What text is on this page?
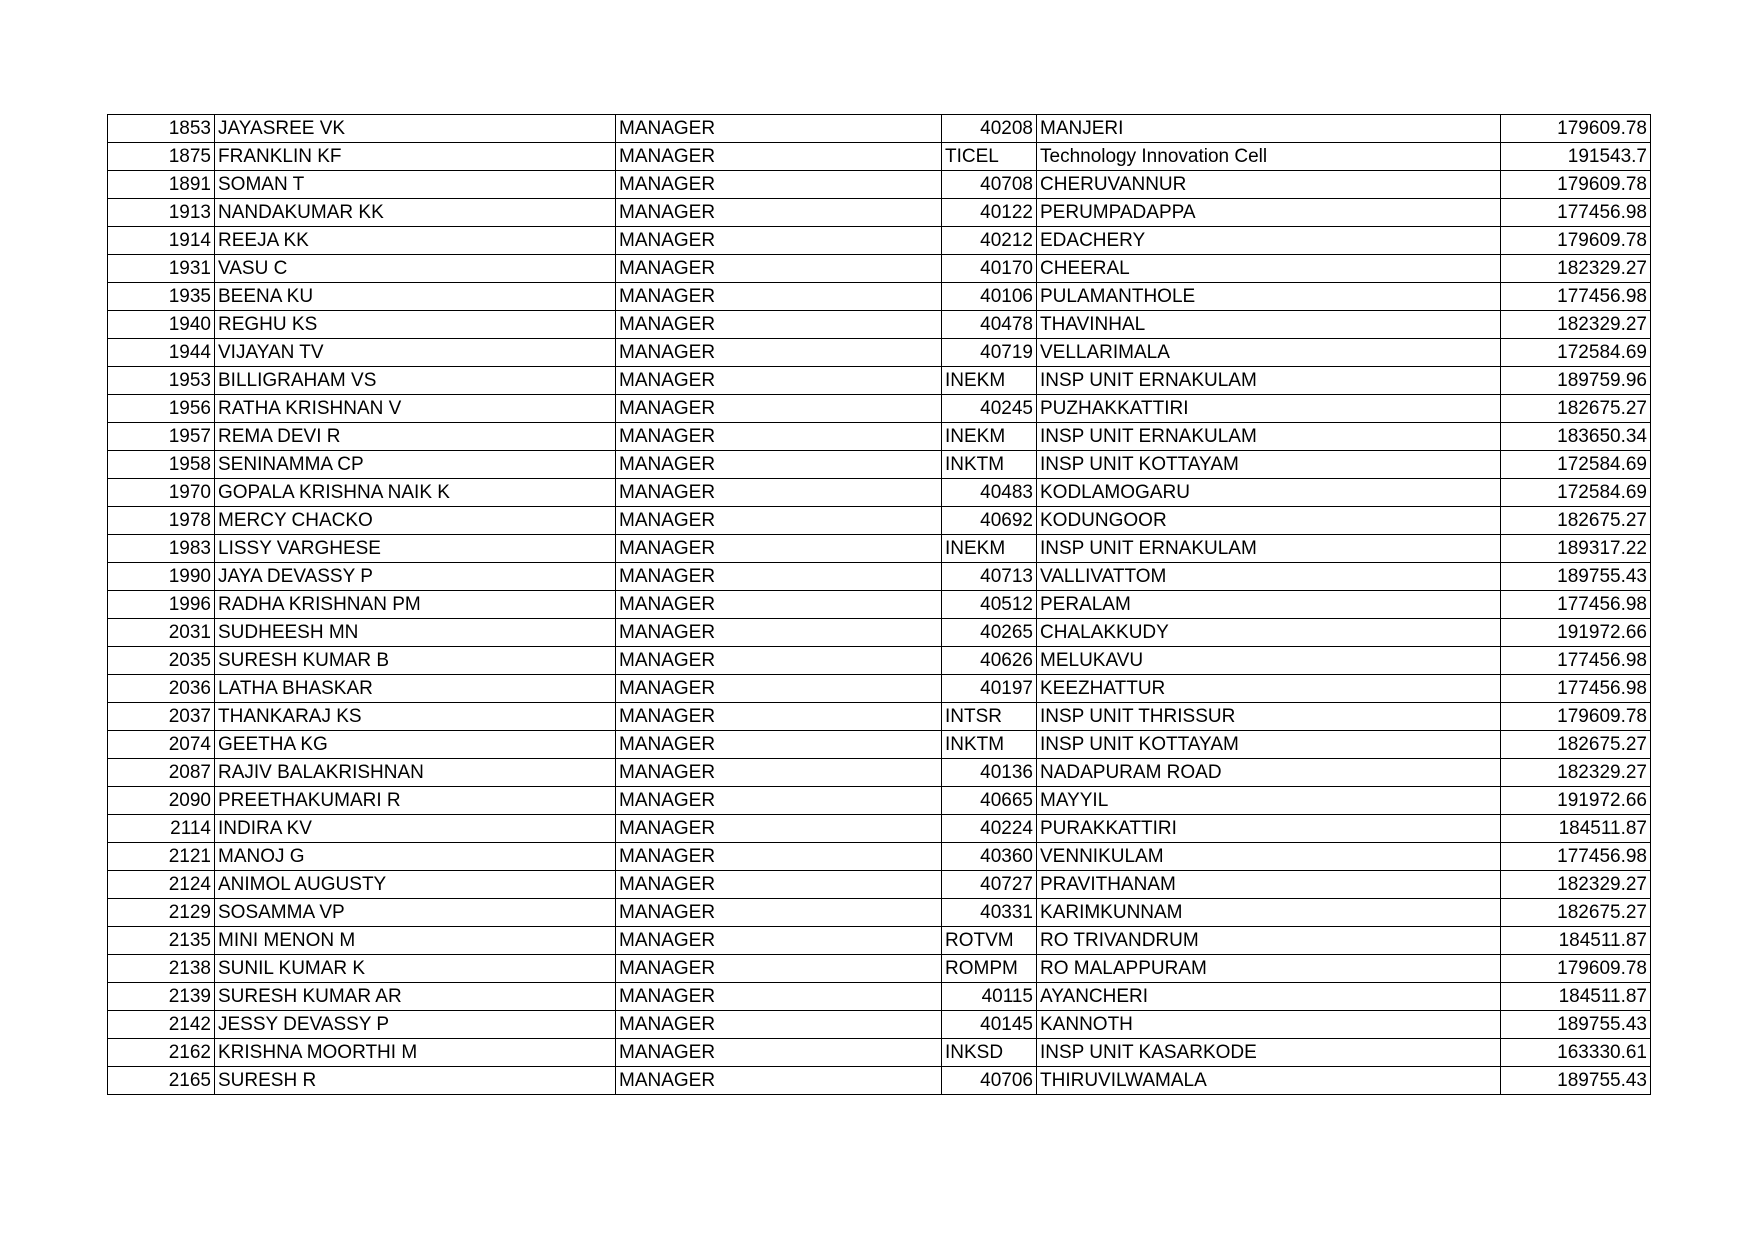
1853	JAYASREE VK	MANAGER	40208	MANJERI	179609.78
1875	FRANKLIN KF	MANAGER	TICEL	Technology Innovation Cell	191543.7
1891	SOMAN T	MANAGER	40708	CHERUVANNUR	179609.78
1913	NANDAKUMAR KK	MANAGER	40122	PERUMPADAPPA	177456.98
1914	REEJA KK	MANAGER	40212	EDACHERY	179609.78
1931	VASU C	MANAGER	40170	CHEERAL	182329.27
1935	BEENA KU	MANAGER	40106	PULAMANTHOLE	177456.98
1940	REGHU KS	MANAGER	40478	THAVINHAL	182329.27
1944	VIJAYAN TV	MANAGER	40719	VELLARIMALA	172584.69
1953	BILLIGRAHAM VS	MANAGER	INEKM	INSP UNIT ERNAKULAM	189759.96
1956	RATHA KRISHNAN V	MANAGER	40245	PUZHAKKATTIRI	182675.27
1957	REMA DEVI R	MANAGER	INEKM	INSP UNIT ERNAKULAM	183650.34
1958	SENINAMMA CP	MANAGER	INKTM	INSP UNIT KOTTAYAM	172584.69
1970	GOPALA KRISHNA NAIK K	MANAGER	40483	KODLAMOGARU	172584.69
1978	MERCY CHACKO	MANAGER	40692	KODUNGOOR	182675.27
1983	LISSY VARGHESE	MANAGER	INEKM	INSP UNIT ERNAKULAM	189317.22
1990	JAYA DEVASSY P	MANAGER	40713	VALLIVATTOM	189755.43
1996	RADHA KRISHNAN PM	MANAGER	40512	PERALAM	177456.98
2031	SUDHEESH MN	MANAGER	40265	CHALAKKUDY	191972.66
2035	SURESH KUMAR B	MANAGER	40626	MELUKAVU	177456.98
2036	LATHA BHASKAR	MANAGER	40197	KEEZHATTUR	177456.98
2037	THANKARAJ KS	MANAGER	INTSR	INSP UNIT THRISSUR	179609.78
2074	GEETHA KG	MANAGER	INKTM	INSP UNIT KOTTAYAM	182675.27
2087	RAJIV BALAKRISHNAN	MANAGER	40136	NADAPURAM ROAD	182329.27
2090	PREETHAKUMARI R	MANAGER	40665	MAYYIL	191972.66
2114	INDIRA KV	MANAGER	40224	PURAKKATTIRI	184511.87
2121	MANOJ G	MANAGER	40360	VENNIKULAM	177456.98
2124	ANIMOL AUGUSTY	MANAGER	40727	PRAVITHANAM	182329.27
2129	SOSAMMA VP	MANAGER	40331	KARIMKUNNAM	182675.27
2135	MINI MENON M	MANAGER	ROTVM	RO TRIVANDRUM	184511.87
2138	SUNIL KUMAR K	MANAGER	ROMPM	RO MALAPPURAM	179609.78
2139	SURESH KUMAR AR	MANAGER	40115	AYANCHERI	184511.87
2142	JESSY DEVASSY P	MANAGER	40145	KANNOTH	189755.43
2162	KRISHNA MOORTHI M	MANAGER	INKSD	INSP UNIT KASARKODE	163330.61
2165	SURESH R	MANAGER	40706	THIRUVILWAMALA	189755.43
